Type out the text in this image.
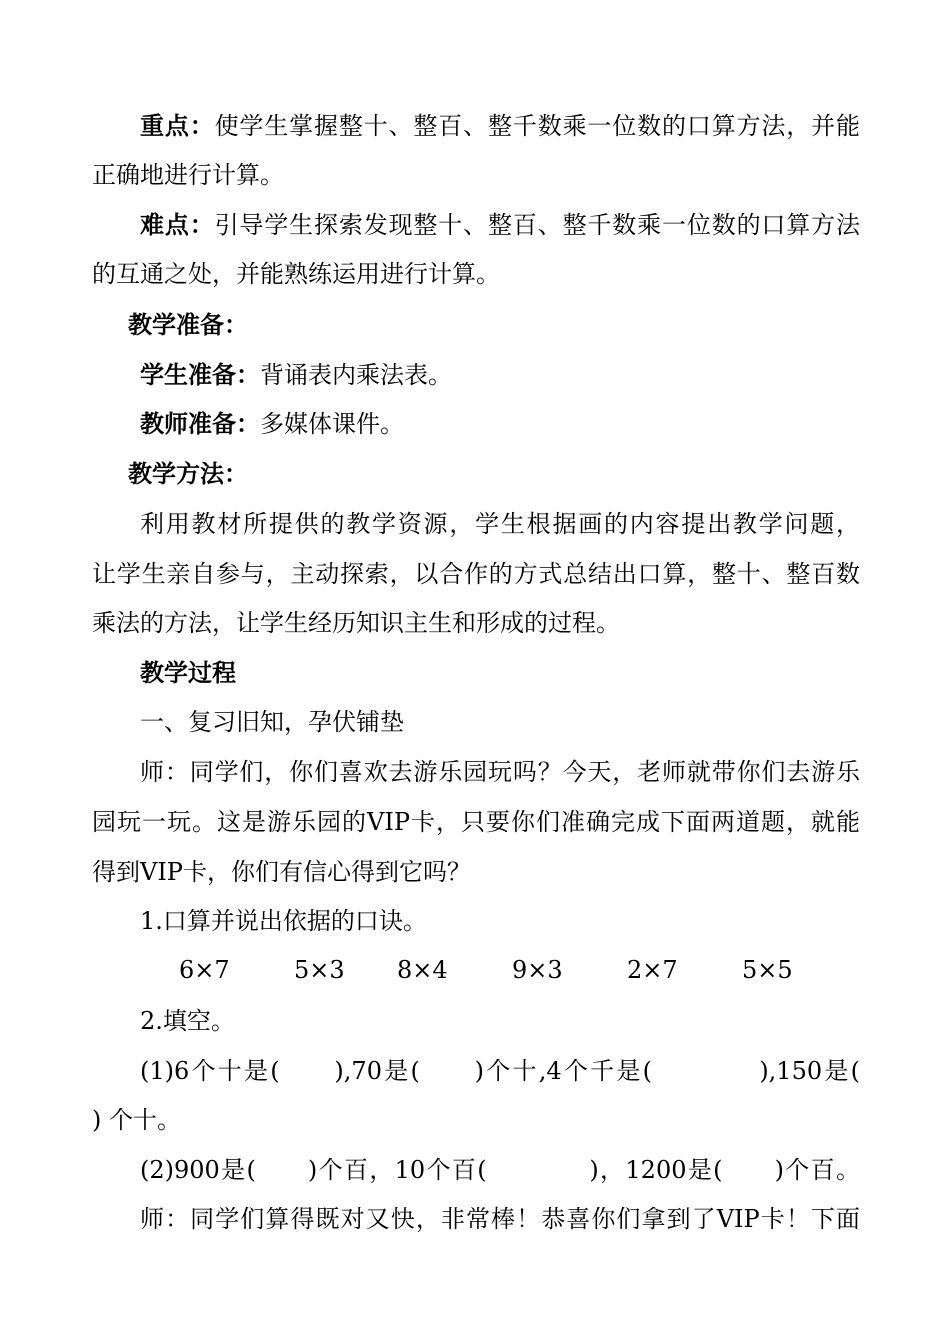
重点：使学生掌握整十、整百、整千数乘一位数的口算方法，并能
正确地进行计算。
难点：引导学生探索发现整十、整百、整千数乘一位数的口算方法
的互通之处，并能熟练运用进行计算。
教学准备：
学生准备：背诵表内乘法表。
教师准备：多媒体课件。
教学方法：
利用教材所提供的教学资源，学生根据画的内容提出教学问题，
让学生亲自参与，主动探索，以合作的方式总结出口算，整十、整百数
乘法的方法，让学生经历知识主生和形成的过程。
教学过程
一、复习旧知，孕伏铺垫
师：同学们，你们喜欢去游乐园玩吗？今天，老师就带你们去游乐
园玩一玩。这是游乐园的VIP卡，只要你们准确完成下面两道题，就能
得到VIP卡，你们有信心得到它吗？
1.口算并说出依据的口诀。
6×7	5×3 8×4	9×3	2×7	5×5
2.填空。
(1)6个十是(　　),70是(　　)个十,4个千是(　　　　),150是(
) 个十。
(2)900是(　　)个百，10个百(　　　　)，1200是(　　)个百。
师：同学们算得既对又快，非常棒！恭喜你们拿到了VIP卡！下面
